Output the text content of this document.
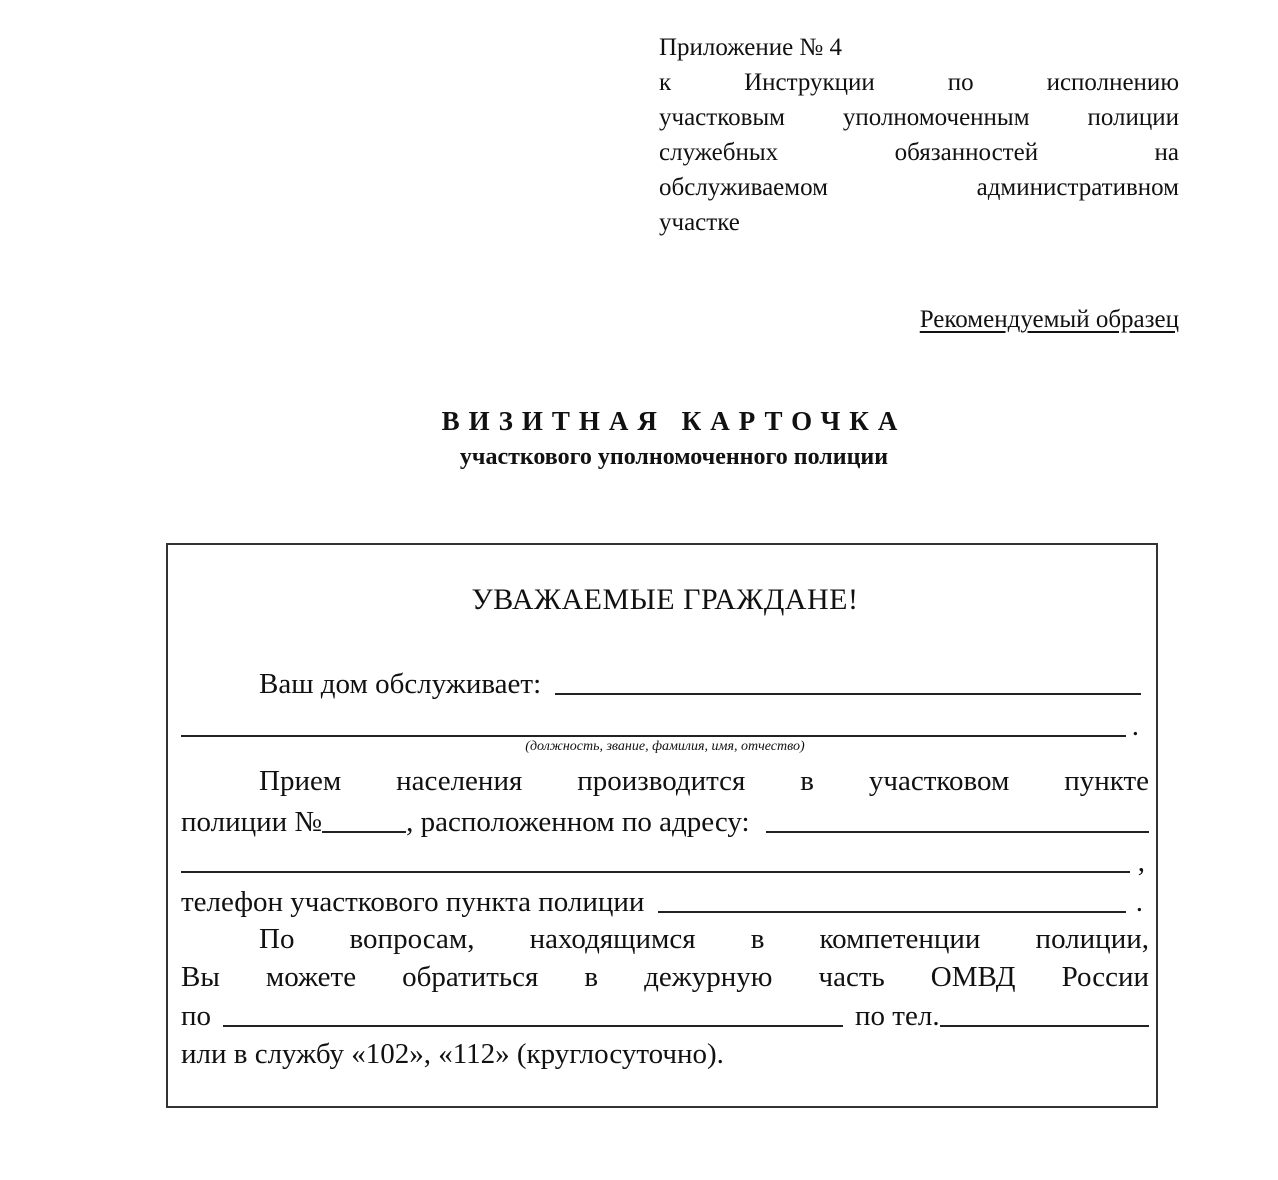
Приложение № 4
к Инструкции по исполнению
участковым уполномоченным полиции
служебных обязанностей на
обслуживаемом административном
участке
Рекомендуемый образец
ВИЗИТНАЯ КАРТОЧКА
участкового уполномоченного полиции
УВАЖАЕМЫЕ ГРАЖДАНЕ!
Ваш дом обслуживает:
.
(должность, звание, фамилия, имя, отчество)
Прием населения производится в участковом пункте
полиции №	, расположенном по адресу:
,
телефон участкового пункта полиции	.
По вопросам, находящимся в компетенции полиции,
Вы можете обратиться в дежурную часть ОМВД России
по	по тел.
или в службу «102», «112» (круглосуточно).
